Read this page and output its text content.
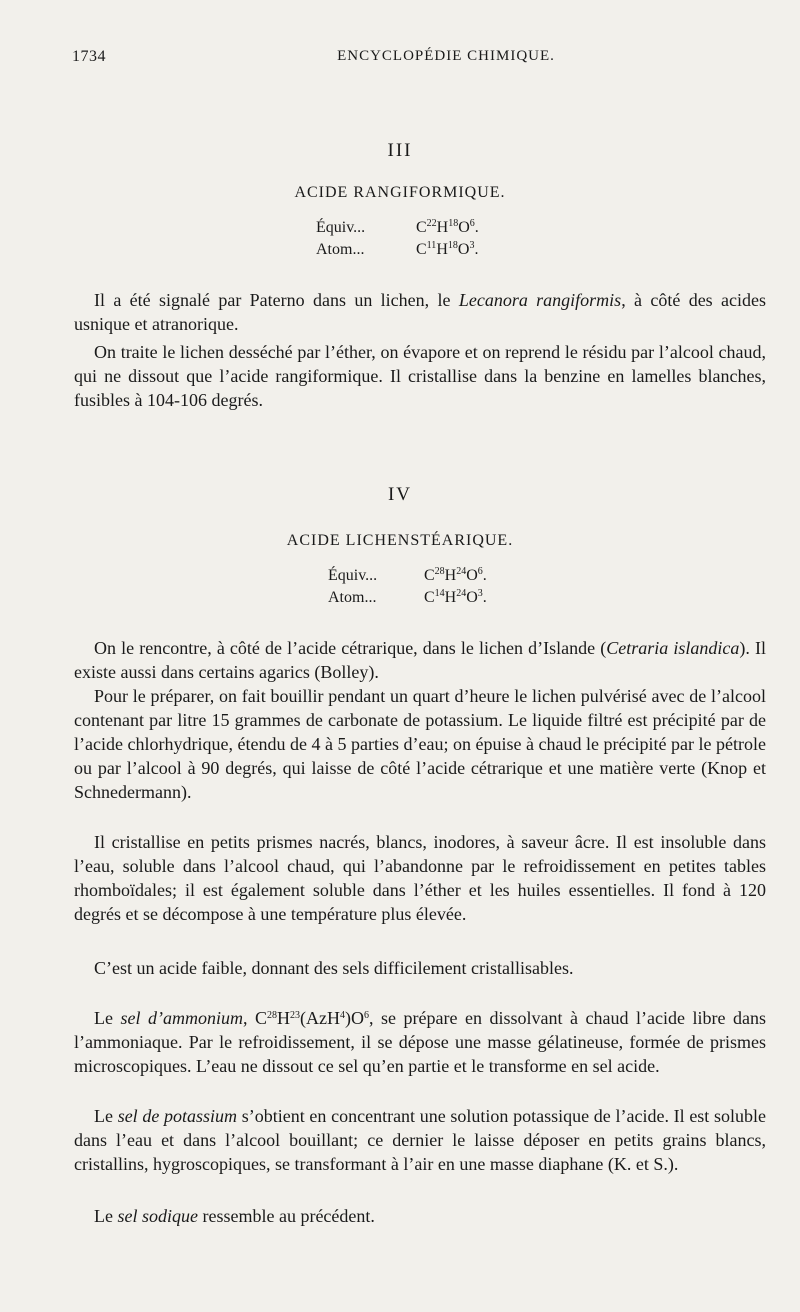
1734	ENCYCLOPÉDIE CHIMIQUE.
III
ACIDE RANGIFORMIQUE.
Équiv...	$C^{22}H^{18}O^6$.
Atom...	$C^{11}H^{18}O^3$.
Il a été signalé par Paterno dans un lichen, le Lecanora rangiformis, à côté des acides usnique et atranorique.
On traite le lichen desséché par l’éther, on évapore et on reprend le résidu par l’alcool chaud, qui ne dissout que l’acide rangiformique. Il cristallise dans la benzine en lamelles blanches, fusibles à 104-106 degrés.
IV
ACIDE LICHENSTÉARIQUE.
Équiv...	$C^{28}H^{24}O^6$.
Atom...	$C^{14}H^{24}O^3$.
On le rencontre, à côté de l’acide cétrarique, dans le lichen d’Islande (Cetraria islandica). Il existe aussi dans certains agarics (Bolley).
Pour le préparer, on fait bouillir pendant un quart d’heure le lichen pulvérisé avec de l’alcool contenant par litre 15 grammes de carbonate de potassium. Le liquide filtré est précipité par de l’acide chlorhydrique, étendu de 4 à 5 parties d’eau; on épuise à chaud le précipité par le pétrole ou par l’alcool à 90 degrés, qui laisse de côté l’acide cétrarique et une matière verte (Knop et Schnedermann).
Il cristallise en petits prismes nacrés, blancs, inodores, à saveur âcre. Il est insoluble dans l’eau, soluble dans l’alcool chaud, qui l’abandonne par le refroidissement en petites tables rhomboïdales; il est également soluble dans l’éther et les huiles essentielles. Il fond à 120 degrés et se décompose à une température plus élevée.
C’est un acide faible, donnant des sels difficilement cristallisables.
Le sel d’ammonium, $C^{28}H^{23}(AzH^4)O^6$, se prépare en dissolvant à chaud l’acide libre dans l’ammoniaque. Par le refroidissement, il se dépose une masse gélatineuse, formée de prismes microscopiques. L’eau ne dissout ce sel qu’en partie et le transforme en sel acide.
Le sel de potassium s’obtient en concentrant une solution potassique de l’acide. Il est soluble dans l’eau et dans l’alcool bouillant; ce dernier le laisse déposer en petits grains blancs, cristallins, hygroscopiques, se transformant à l’air en une masse diaphane (K. et S.).
Le sel sodique ressemble au précédent.
